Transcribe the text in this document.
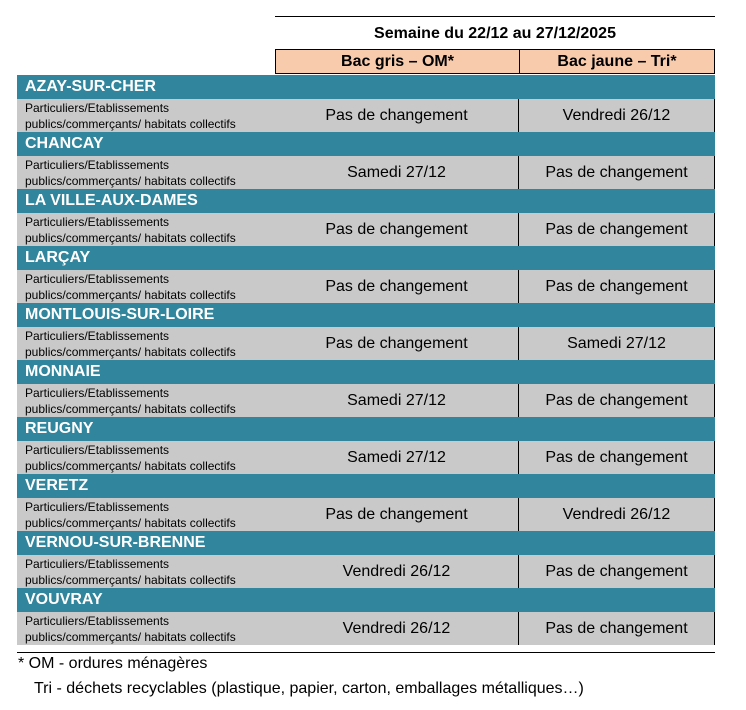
Semaine du 22/12 au 27/12/2025
Bac gris – OM*	Bac jaune – Tri*
AZAY-SUR-CHER
Particuliers/Etablissements
publics/commerçants/ habitats collectifs
Pas de changement	Vendredi 26/12
CHANCAY
Particuliers/Etablissements
publics/commerçants/ habitats collectifs
Samedi 27/12	Pas de changement
LA VILLE-AUX-DAMES
Particuliers/Etablissements
publics/commerçants/ habitats collectifs
Pas de changement	Pas de changement
LARÇAY
Particuliers/Etablissements
publics/commerçants/ habitats collectifs
Pas de changement	Pas de changement
MONTLOUIS-SUR-LOIRE
Particuliers/Etablissements
publics/commerçants/ habitats collectifs
Pas de changement	Samedi 27/12
MONNAIE
Particuliers/Etablissements
publics/commerçants/ habitats collectifs
Samedi 27/12	Pas de changement
REUGNY
Particuliers/Etablissements
publics/commerçants/ habitats collectifs
Samedi 27/12	Pas de changement
VERETZ
Particuliers/Etablissements
publics/commerçants/ habitats collectifs
Pas de changement	Vendredi 26/12
VERNOU-SUR-BRENNE
Particuliers/Etablissements
publics/commerçants/ habitats collectifs
Vendredi 26/12	Pas de changement
VOUVRAY
Particuliers/Etablissements
publics/commerçants/ habitats collectifs
Vendredi 26/12	Pas de changement
* OM - ordures ménagères
Tri - déchets recyclables (plastique, papier, carton, emballages métalliques…)
